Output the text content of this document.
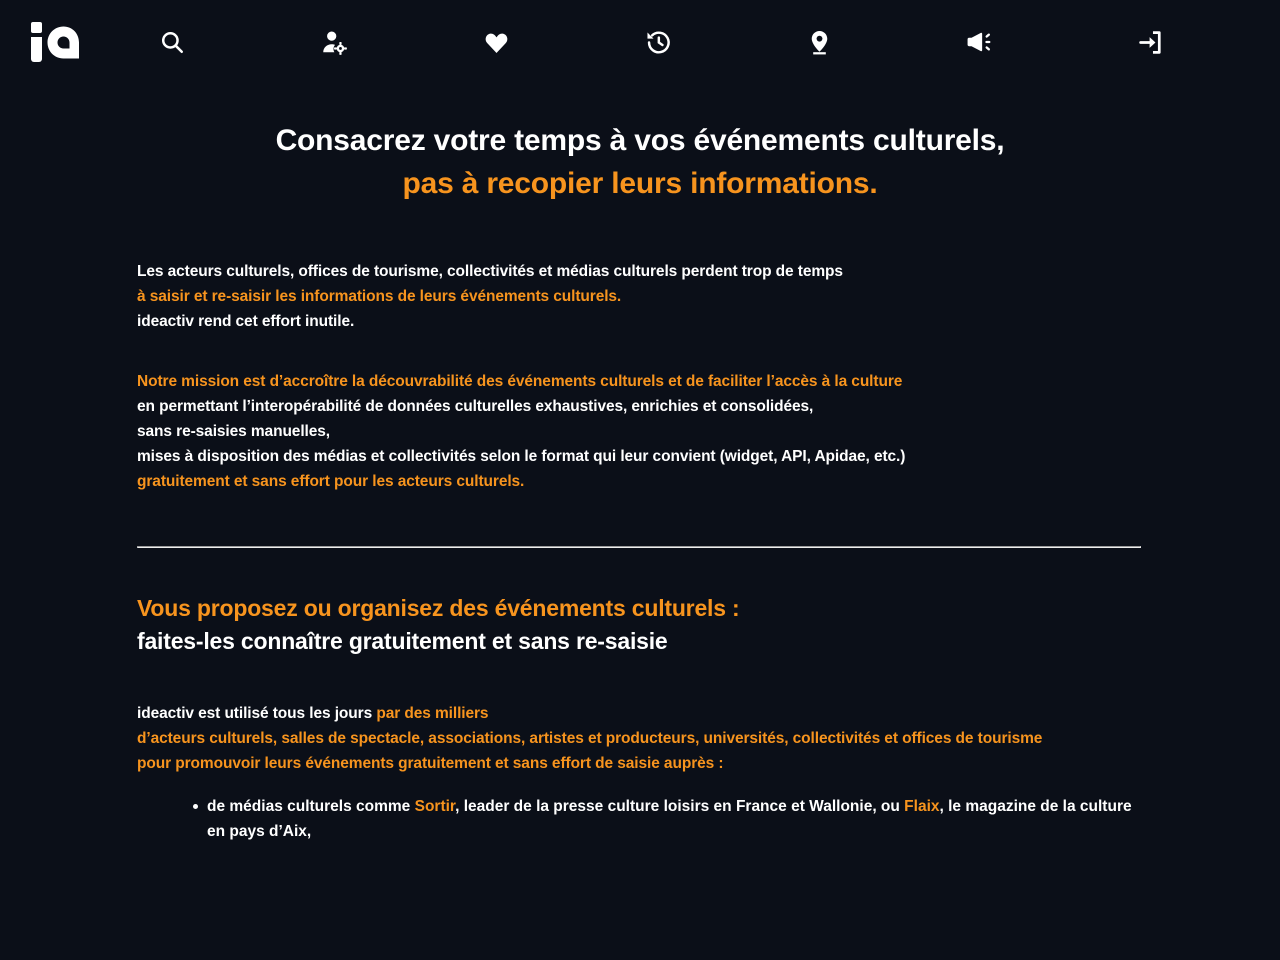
Consacrez votre temps à vos événements culturels,
pas à recopier leurs informations.

Les acteurs culturels, offices de tourisme, collectivités et médias culturels perdent trop de temps
à saisir et re-saisir les informations de leurs événements culturels.
ideactiv rend cet effort inutile.

Notre mission est d’accroître la découvrabilité des événements culturels et de faciliter l’accès à la culture
en permettant l’interopérabilité de données culturelles exhaustives, enrichies et consolidées,
sans re-saisies manuelles,
mises à disposition des médias et collectivités selon le format qui leur convient (widget, API, Apidae, etc.)
gratuitement et sans effort pour les acteurs culturels.

Vous proposez ou organisez des événements culturels :
faites-les connaître gratuitement et sans re-saisie

ideactiv est utilisé tous les jours par des milliers
d’acteurs culturels, salles de spectacle, associations, artistes et producteurs, universités, collectivités et offices de tourisme
pour promouvoir leurs événements gratuitement et sans effort de saisie auprès :

de médias culturels comme Sortir, leader de la presse culture loisirs en France et Wallonie, ou Flaix, le magazine de la culture en pays d’Aix,
